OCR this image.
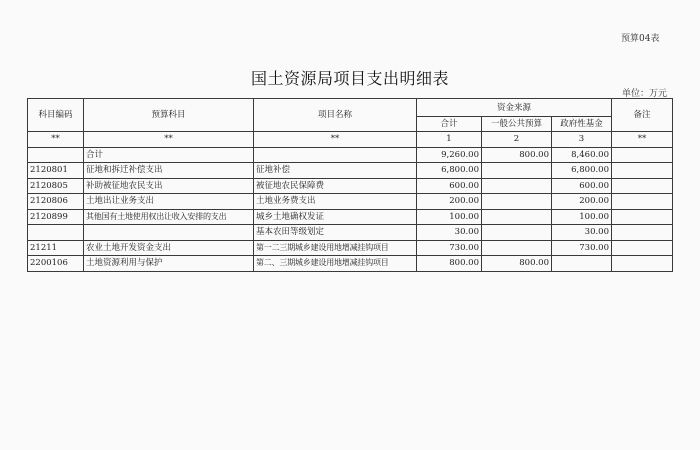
预算04表
国土资源局项目支出明细表
单位：万元
科目编码	预算科目	项目名称	资金来源			备注
			合计	一般公共预算	政府性基金	
**	**	**	1	2	3	**
	合计		9,260.00	800.00	8,460.00	
2120801	征地和拆迁补偿支出	征地补偿	6,800.00		6,800.00	
2120805	补助被征地农民支出	被征地农民保障费	600.00		600.00	
2120806	土地出让业务支出	土地业务费支出	200.00		200.00	
2120899	其他国有土地使用权出让收入安排的支出	城乡土地确权发证	100.00		100.00	
		基本农田等级划定	30.00		30.00	
21211	农业土地开发资金支出	第一二三期城乡建设用地增减挂钩项目	730.00		730.00	
2200106	土地资源利用与保护	第二、三期城乡建设用地增减挂钩项目	800.00	800.00		
